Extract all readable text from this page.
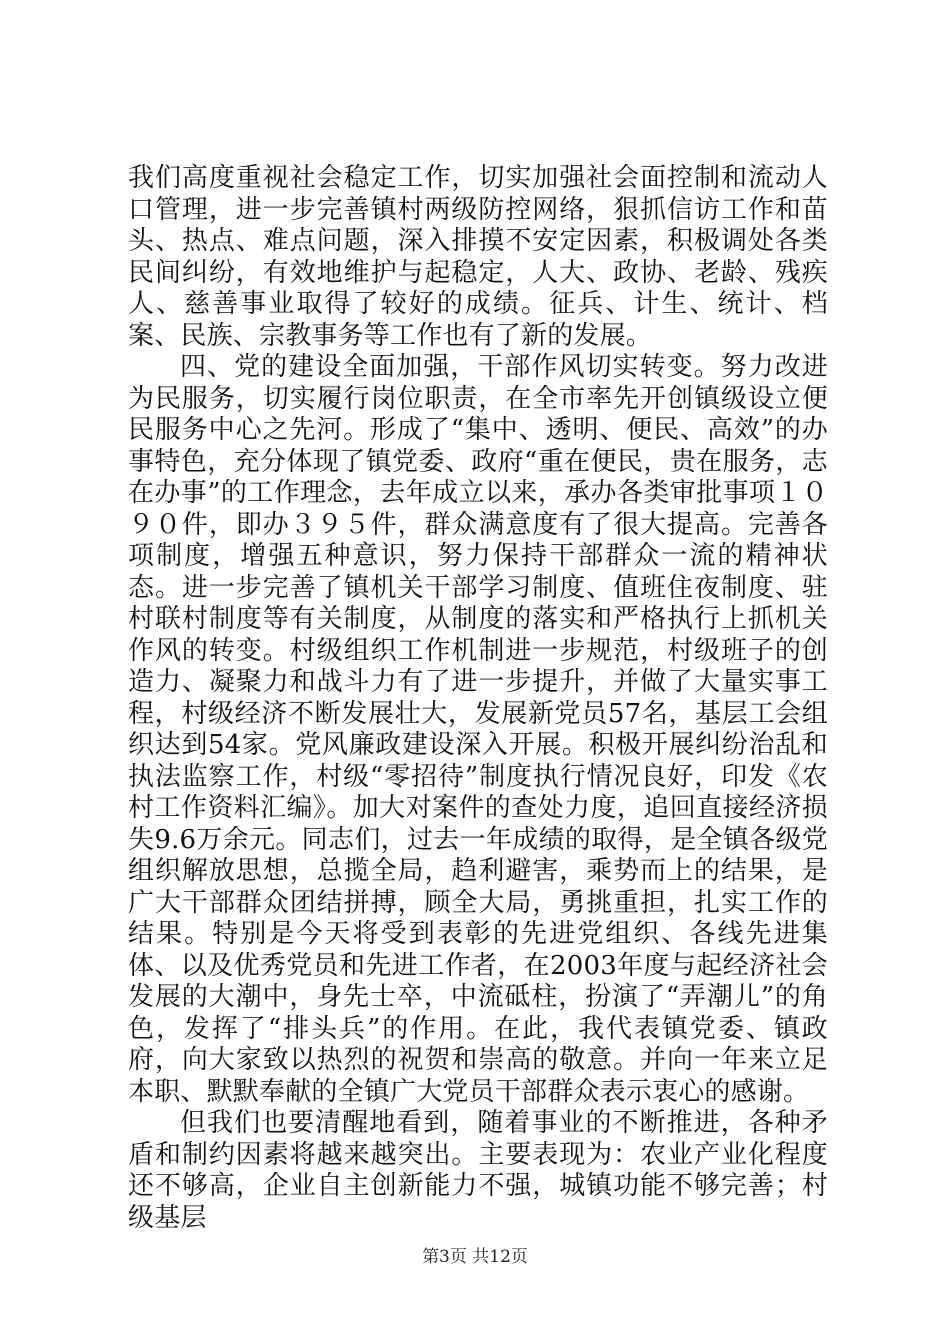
我们高度重视社会稳定工作，切实加强社会面控制和流动人口管理，进一步完善镇村两级防控网络，狠抓信访工作和苗头、热点、难点问题，深入排摸不安定因素，积极调处各类民间纠纷，有效地维护与起稳定，人大、政协、老龄、残疾人、慈善事业取得了较好的成绩。征兵、计生、统计、档案、民族、宗教事务等工作也有了新的发展。

四、党的建设全面加强，干部作风切实转变。努力改进为民服务，切实履行岗位职责，在全市率先开创镇级设立便民服务中心之先河。形成了“集中、透明、便民、高效”的办事特色，充分体现了镇党委、政府“重在便民，贵在服务，志在办事”的工作理念，去年成立以来，承办各类审批事项１０９０件，即办３９５件，群众满意度有了很大提高。完善各项制度，增强五种意识，努力保持干部群众一流的精神状态。进一步完善了镇机关干部学习制度、值班住夜制度、驻村联村制度等有关制度，从制度的落实和严格执行上抓机关作风的转变。村级组织工作机制进一步规范，村级班子的创造力、凝聚力和战斗力有了进一步提升，并做了大量实事工程，村级经济不断发展壮大，发展新党员57名，基层工会组织达到54家。党风廉政建设深入开展。积极开展纠纷治乱和执法监察工作，村级“零招待”制度执行情况良好，印发《农村工作资料汇编》。加大对案件的查处力度，追回直接经济损失9.6万余元。同志们，过去一年成绩的取得，是全镇各级党组织解放思想，总揽全局，趋利避害，乘势而上的结果，是广大干部群众团结拼搏，顾全大局，勇挑重担，扎实工作的结果。特别是今天将受到表彰的先进党组织、各线先进集体、以及优秀党员和先进工作者，在2003年度与起经济社会发展的大潮中，身先士卒，中流砥柱，扮演了“弄潮儿”的角色，发挥了“排头兵”的作用。在此，我代表镇党委、镇政府，向大家致以热烈的祝贺和崇高的敬意。并向一年来立足本职、默默奉献的全镇广大党员干部群众表示衷心的感谢。

但我们也要清醒地看到，随着事业的不断推进，各种矛盾和制约因素将越来越突出。主要表现为：农业产业化程度还不够高，企业自主创新能力不强，城镇功能不够完善；村级基层

第3页 共12页
